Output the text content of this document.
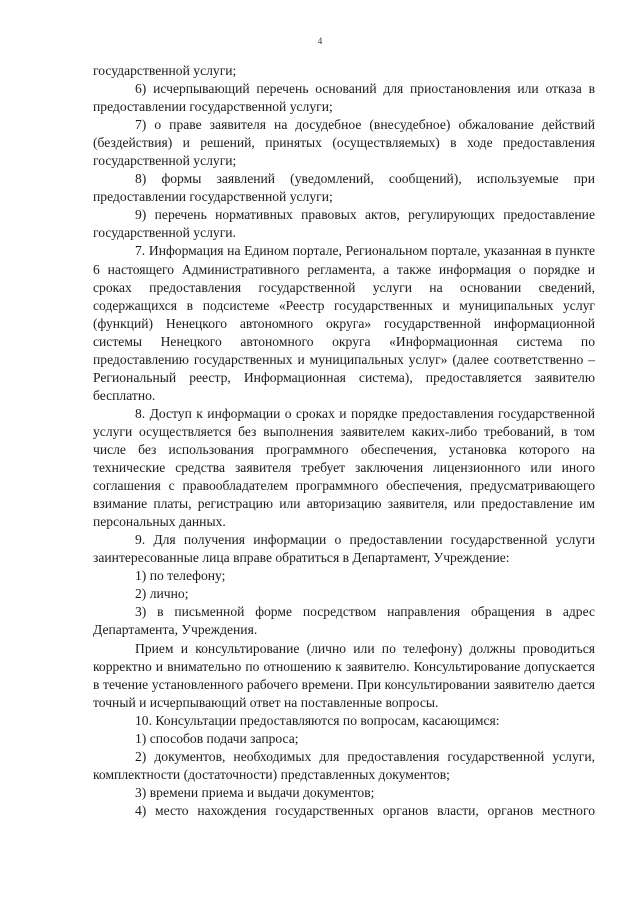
4

государственной услуги;

6) исчерпывающий перечень оснований для приостановления или отказа в предоставлении государственной услуги;

7) о праве заявителя на досудебное (внесудебное) обжалование действий (бездействия) и решений, принятых (осуществляемых) в ходе предоставления государственной услуги;

8) формы заявлений (уведомлений, сообщений), используемые при предоставлении государственной услуги;

9) перечень нормативных правовых актов, регулирующих предоставление государственной услуги.

7. Информация на Едином портале, Региональном портале, указанная в пункте 6 настоящего Административного регламента, а также информация о порядке и сроках предоставления государственной услуги на основании сведений, содержащихся в подсистеме «Реестр государственных и муниципальных услуг (функций) Ненецкого автономного округа» государственной информационной системы Ненецкого автономного округа «Информационная система по предоставлению государственных и муниципальных услуг» (далее соответственно – Региональный реестр, Информационная система), предоставляется заявителю бесплатно.

8. Доступ к информации о сроках и порядке предоставления государственной услуги осуществляется без выполнения заявителем каких-либо требований, в том числе без использования программного обеспечения, установка которого на технические средства заявителя требует заключения лицензионного или иного соглашения с правообладателем программного обеспечения, предусматривающего взимание платы, регистрацию или авторизацию заявителя, или предоставление им персональных данных.

9. Для получения информации о предоставлении государственной услуги заинтересованные лица вправе обратиться в Департамент, Учреждение:

1) по телефону;

2) лично;

3) в письменной форме посредством направления обращения в адрес Департамента, Учреждения.

Прием и консультирование (лично или по телефону) должны проводиться корректно и внимательно по отношению к заявителю. Консультирование допускается в течение установленного рабочего времени. При консультировании заявителю дается точный и исчерпывающий ответ на поставленные вопросы.

10. Консультации предоставляются по вопросам, касающимся:

1) способов подачи запроса;

2) документов, необходимых для предоставления государственной услуги, комплектности (достаточности) представленных документов;

3) времени приема и выдачи документов;

4) место нахождения государственных органов власти, органов местного
